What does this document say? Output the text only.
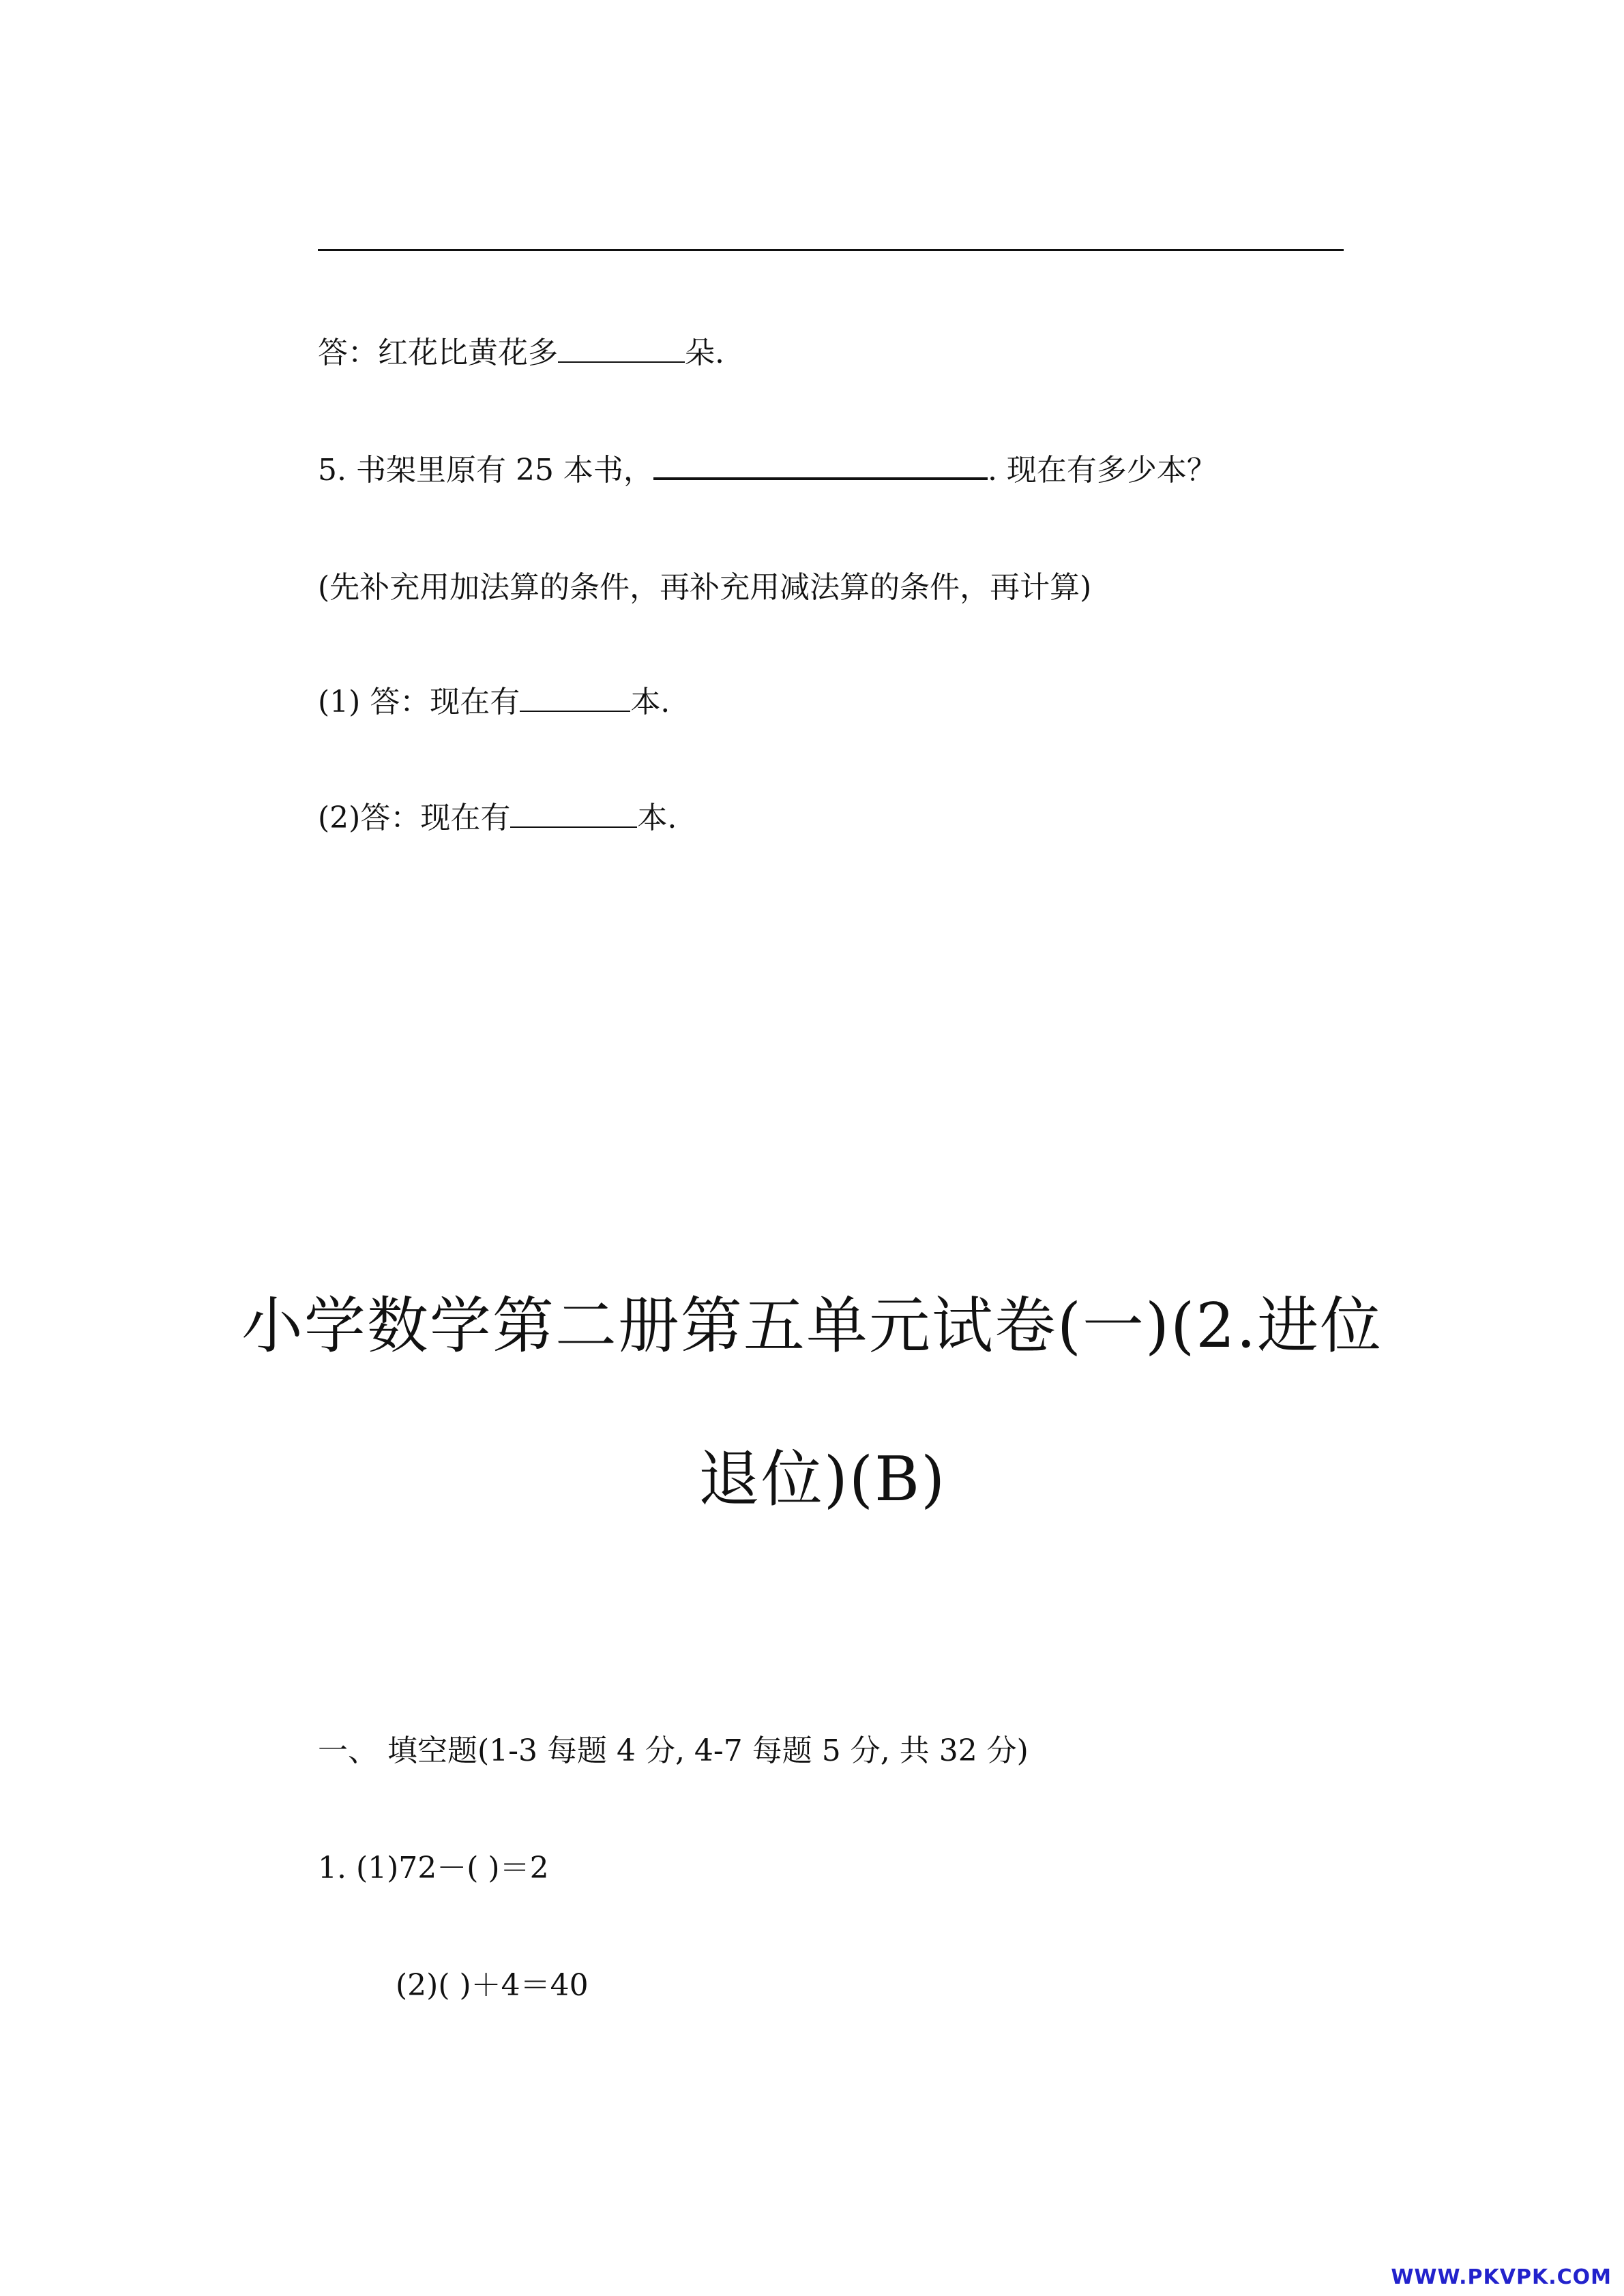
答：红花比黄花多	朵.
5. 书架里原有 25 本书，	. 现在有多少本？
(先补充用加法算的条件，再补充用减法算的条件，再计算)
(1) 答：现在有	本.
(2)答：现在有	本.
小学数学第二册第五单元试卷(一)(2.进位
退位)(B)
一、 填空题(1-3 每题 4 分, 4-7 每题 5 分, 共 32 分)
1. (1)72－( )＝2
(2)( )＋4＝40
WWW.PKVPK.COM
